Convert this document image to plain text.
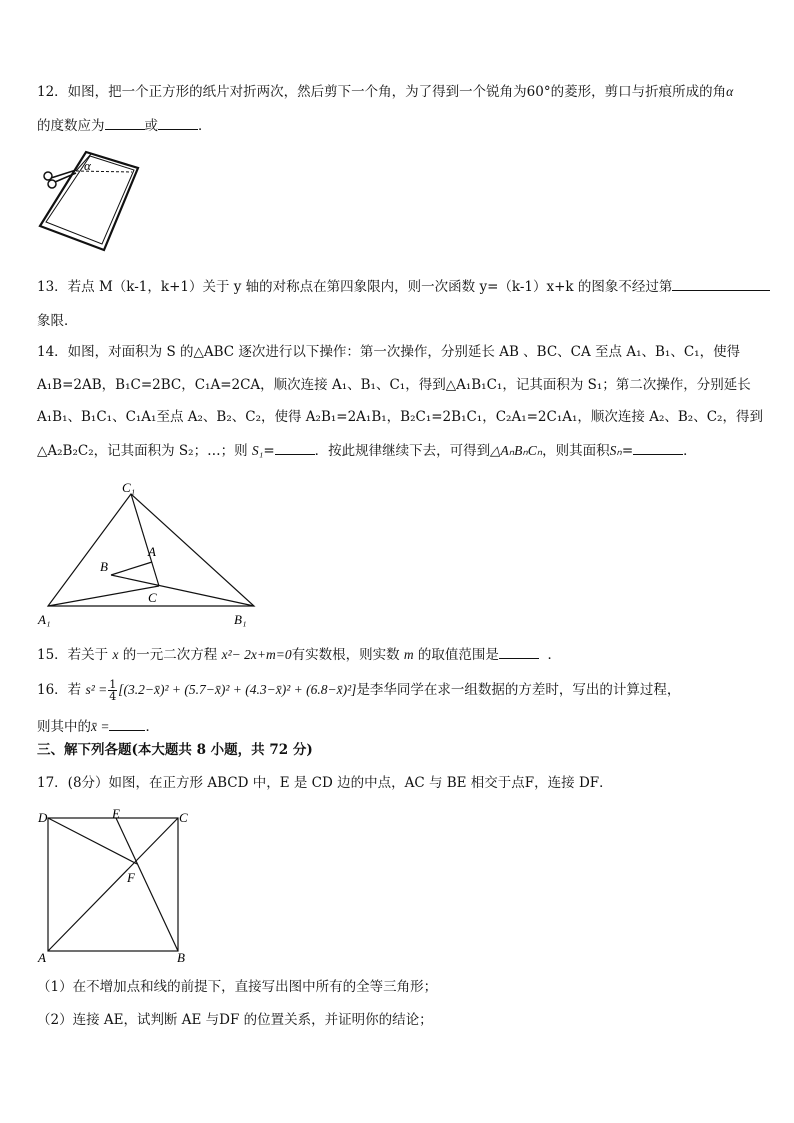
12．如图，把一个正方形的纸片对折两次，然后剪下一个角，为了得到一个锐角为60°的菱形，剪口与折痕所成的角α
的度数应为	或	．
α
13．若点 M（k-1，k+1）关于 y 轴的对称点在第四象限内，则一次函数 y=（k-1）x+k 的图象不经过第
象限．
14．如图，对面积为 S 的△ABC 逐次进行以下操作：第一次操作，分别延长 AB 、BC、CA 至点 A₁、B₁、C₁，使得
A₁B=2AB，B₁C=2BC，C₁A=2CA，顺次连接 A₁、B₁、C₁，得到△A₁B₁C₁，记其面积为 S₁；第二次操作，分别延长
A₁B₁、B₁C₁、C₁A₁至点 A₂、B₂、C₂，使得 A₂B₁=2A₁B₁，B₂C₁=2B₁C₁，C₂A₁=2C₁A₁，顺次连接 A₂、B₂、C₂，得到
△A₂B₂C₂，记其面积为 S₂；…；则 S₁=	．按此规律继续下去，可得到△AₙBₙCₙ，则其面积Sₙ=	．
C₁
A
B
C
A₁	B₁
15．若关于 x 的一元二次方程 x²− 2x+m=0有实数根，则实数 m 的取值范围是	．
16．若 $s^2 = \frac{1}{4}$ [(3.2−x̄)² + (5.7−x̄)² + (4.3−x̄)² + (6.8−x̄)²]是李华同学在求一组数据的方差时，写出的计算过程，
则其中的x̄ =	．
三、解下列各题(本大题共 8 小题，共 72 分)
17．(8分）如图，在正方形 ABCD 中，E 是 CD 边的中点，AC 与 BE 相交于点F，连接 DF．
D	E	C
F
A	B
（1）在不增加点和线的前提下，直接写出图中所有的全等三角形；
（2）连接 AE，试判断 AE 与DF 的位置关系，并证明你的结论；
